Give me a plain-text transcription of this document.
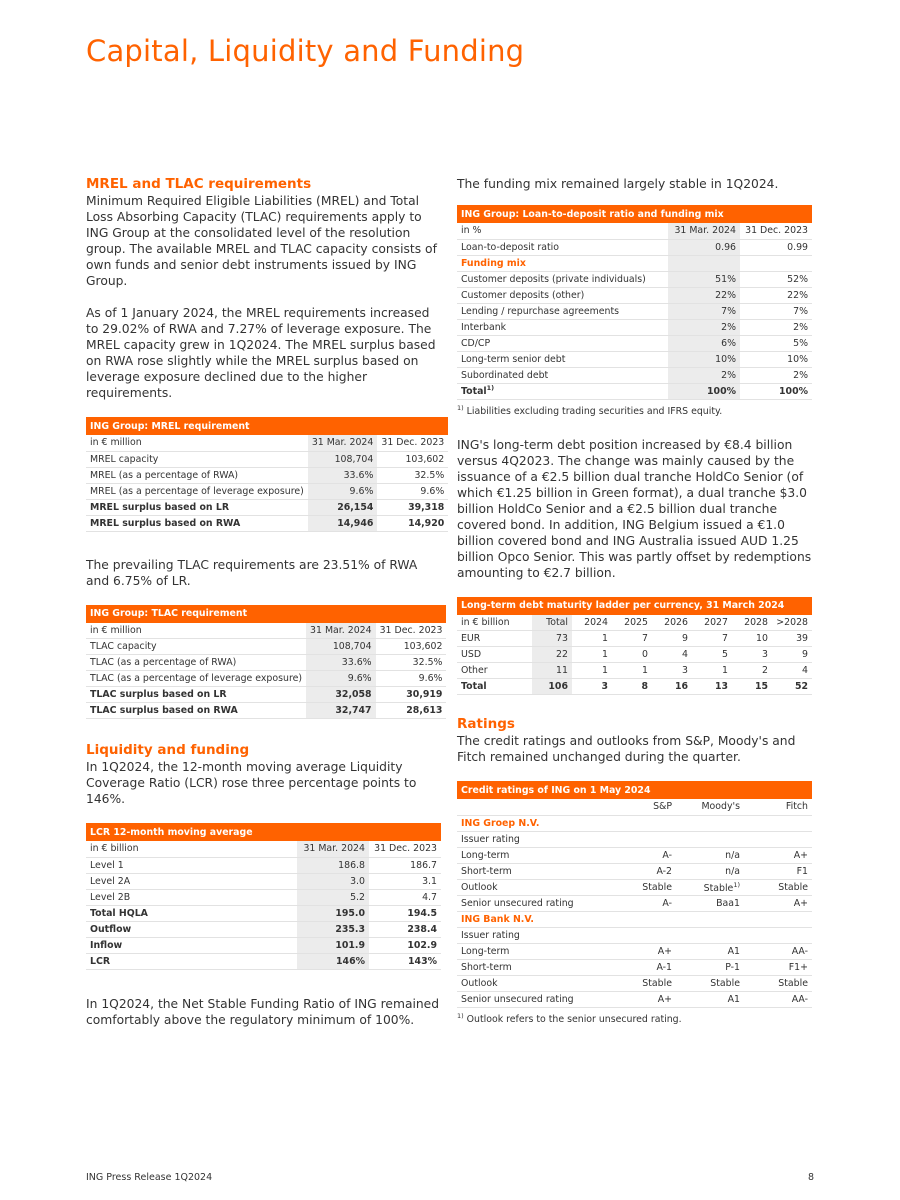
Capital, Liquidity and Funding
MREL and TLAC requirements

Minimum Required Eligible Liabilities (MREL) and Total Loss Absorbing Capacity (TLAC) requirements apply to ING Group at the consolidated level of the resolution group. The available MREL and TLAC capacity consists of own funds and senior debt instruments issued by ING Group.

As of 1 January 2024, the MREL requirements increased to 29.02% of RWA and 7.27% of leverage exposure. The MREL capacity grew in 1Q2024. The MREL surplus based on RWA rose slightly while the MREL surplus based on leverage exposure declined due to the higher requirements.

ING Group: MREL requirement		
in € million	31 Mar. 2024	31 Dec. 2023
MREL capacity	108,704	103,602
MREL (as a percentage of RWA)	33.6%	32.5%
MREL (as a percentage of leverage exposure)	9.6%	9.6%
MREL surplus based on LR	26,154	39,318
MREL surplus based on RWA	14,946	14,920

The prevailing TLAC requirements are 23.51% of RWA and 6.75% of LR.

ING Group: TLAC requirement		
in € million	31 Mar. 2024	31 Dec. 2023
TLAC capacity	108,704	103,602
TLAC (as a percentage of RWA)	33.6%	32.5%
TLAC (as a percentage of leverage exposure)	9.6%	9.6%
TLAC surplus based on LR	32,058	30,919
TLAC surplus based on RWA	32,747	28,613
Liquidity and funding

In 1Q2024, the 12-month moving average Liquidity Coverage Ratio (LCR) rose three percentage points to 146%.

LCR 12-month moving average		
in € billion	31 Mar. 2024	31 Dec. 2023
Level 1	186.8	186.7
Level 2A	3.0	3.1
Level 2B	5.2	4.7
Total HQLA	195.0	194.5
Outflow	235.3	238.4
Inflow	101.9	102.9
LCR	146%	143%

In 1Q2024, the Net Stable Funding Ratio of ING remained comfortably above the regulatory minimum of 100%.

The funding mix remained largely stable in 1Q2024.

ING Group: Loan-to-deposit ratio and funding mix		
in %	31 Mar. 2024	31 Dec. 2023
Loan-to-deposit ratio	0.96	0.99
Funding mix		
Customer deposits (private individuals)	51%	52%
Customer deposits (other)	22%	22%
Lending / repurchase agreements	7%	7%
Interbank	2%	2%
CD/CP	6%	5%
Long-term senior debt	10%	10%
Subordinated debt	2%	2%
Total$^{1)}$	100%	100%
$^{1)}$ Liabilities excluding trading securities and IFRS equity.

ING's long-term debt position increased by €8.4 billion versus 4Q2023. The change was mainly caused by the issuance of a €2.5 billion dual tranche HoldCo Senior (of which €1.25 billion in Green format), a dual tranche $3.0 billion HoldCo Senior and a €2.5 billion dual tranche covered bond. In addition, ING Belgium issued a €1.0 billion covered bond and ING Australia issued AUD 1.25 billion Opco Senior. This was partly offset by redemptions amounting to €2.7 billion.

Long-term debt maturity ladder per currency, 31 March 2024							
in € billion	Total	2024	2025	2026	2027	2028	>2028
EUR	73	1	7	9	7	10	39
USD	22	1	0	4	5	3	9
Other	11	1	1	3	1	2	4
Total	106	3	8	16	13	15	52
Ratings

The credit ratings and outlooks from S&P, Moody's and Fitch remained unchanged during the quarter.

Credit ratings of ING on 1 May 2024			
	S&P	Moody's	Fitch
ING Groep N.V.			
Issuer rating			
Long-term	A-	n/a	A+
Short-term	A-2	n/a	F1
Outlook	Stable	Stable$^{1)}$	Stable
Senior unsecured rating	A-	Baa1	A+
ING Bank N.V.			
Issuer rating			
Long-term	A+	A1	AA-
Short-term	A-1	P-1	F1+
Outlook	Stable	Stable	Stable
Senior unsecured rating	A+	A1	AA-
$^{1)}$ Outlook refers to the senior unsecured rating.
ING Press Release 1Q2024	8
